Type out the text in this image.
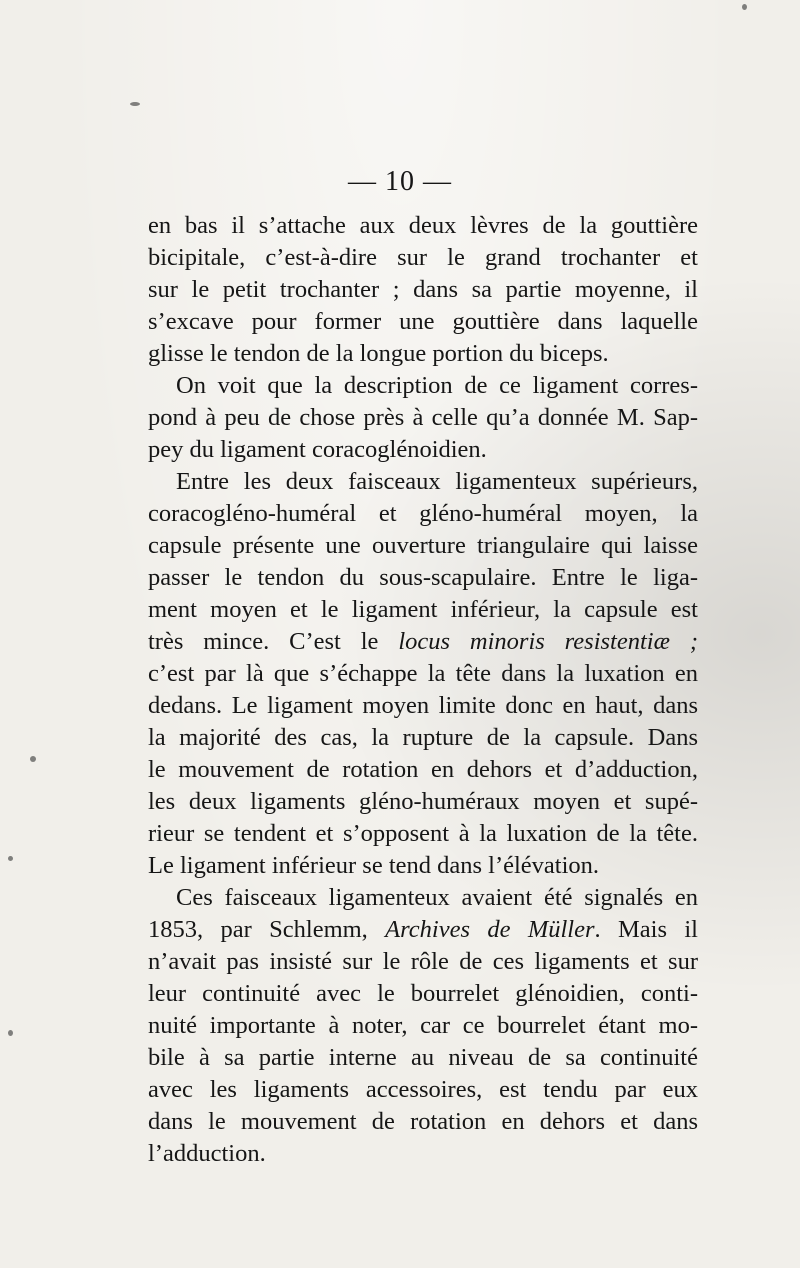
— 10 —
en bas il s’attache aux deux lèvres de la gouttière
bicipitale, c’est-à-dire sur le grand trochanter et
sur le petit trochanter ; dans sa partie moyenne, il
s’excave pour former une gouttière dans laquelle
glisse le tendon de la longue portion du biceps.
On voit que la description de ce ligament corres-
pond à peu de chose près à celle qu’a donnée M. Sap-
pey du ligament coracoglénoidien.
Entre les deux faisceaux ligamenteux supérieurs,
coracogléno-huméral et gléno-huméral moyen, la
capsule présente une ouverture triangulaire qui laisse
passer le tendon du sous-scapulaire. Entre le liga-
ment moyen et le ligament inférieur, la capsule est
très mince. C’est le locus minoris resistentiæ ;
c’est par là que s’échappe la tête dans la luxation en
dedans. Le ligament moyen limite donc en haut, dans
la majorité des cas, la rupture de la capsule. Dans
le mouvement de rotation en dehors et d’adduction,
les deux ligaments gléno-huméraux moyen et supé-
rieur se tendent et s’opposent à la luxation de la tête.
Le ligament inférieur se tend dans l’élévation.
Ces faisceaux ligamenteux avaient été signalés en
1853, par Schlemm, Archives de Müller. Mais il
n’avait pas insisté sur le rôle de ces ligaments et sur
leur continuité avec le bourrelet glénoidien, conti-
nuité importante à noter, car ce bourrelet étant mo-
bile à sa partie interne au niveau de sa continuité
avec les ligaments accessoires, est tendu par eux
dans le mouvement de rotation en dehors et dans
l’adduction.
